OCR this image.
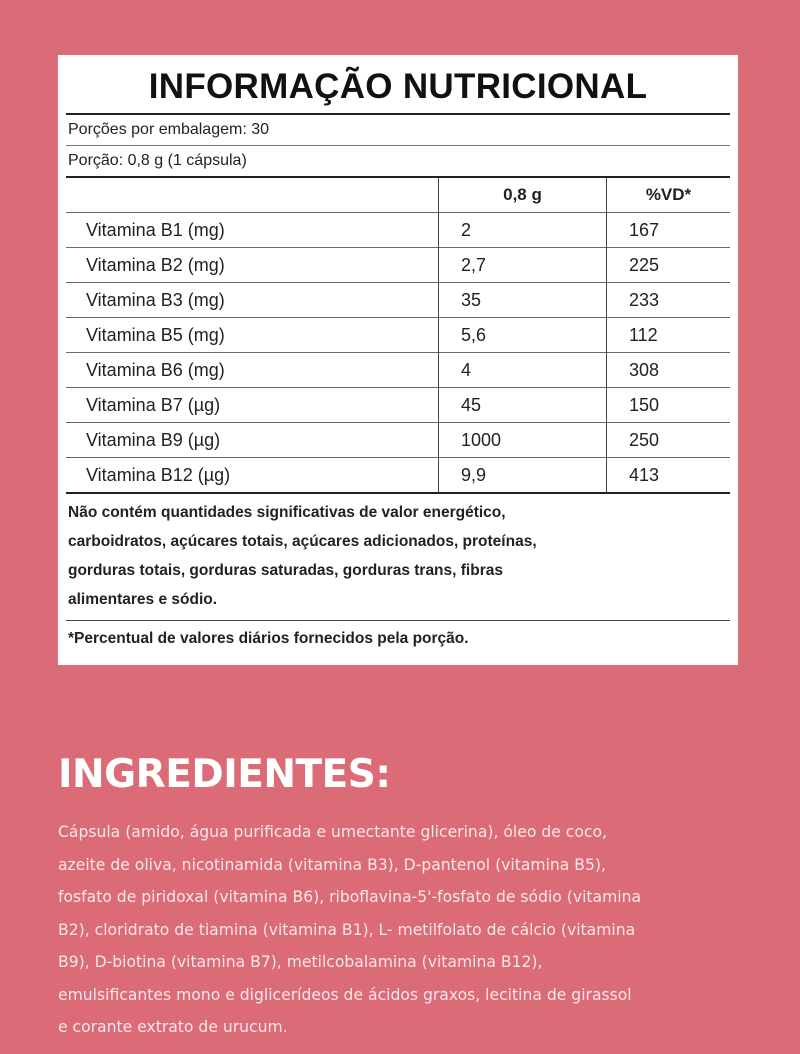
INFORMAÇÃO NUTRICIONAL
Porções por embalagem: 30
Porção: 0,8 g (1 cápsula)
	0,8 g	%VD*
Vitamina B1 (mg)	2	167
Vitamina B2 (mg)	2,7	225
Vitamina B3 (mg)	35	233
Vitamina B5 (mg)	5,6	112
Vitamina B6 (mg)	4	308
Vitamina B7 (µg)	45	150
Vitamina B9 (µg)	1000	250
Vitamina B12 (µg)	9,9	413
Não contém quantidades significativas de valor energético,
carboidratos, açúcares totais, açúcares adicionados, proteínas,
gorduras totais, gorduras saturadas, gorduras trans, fibras
alimentares e sódio.
*Percentual de valores diários fornecidos pela porção.
INGREDIENTES:
Cápsula (amido, água purificada e umectante glicerina), óleo de coco,
azeite de oliva, nicotinamida (vitamina B3), D-pantenol (vitamina B5),
fosfato de piridoxal (vitamina B6), riboflavina-5'-fosfato de sódio (vitamina
B2), cloridrato de tiamina (vitamina B1), L- metilfolato de cálcio (vitamina
B9), D-biotina (vitamina B7), metilcobalamina (vitamina B12),
emulsificantes mono e diglicerídeos de ácidos graxos, lecitina de girassol
e corante extrato de urucum.
